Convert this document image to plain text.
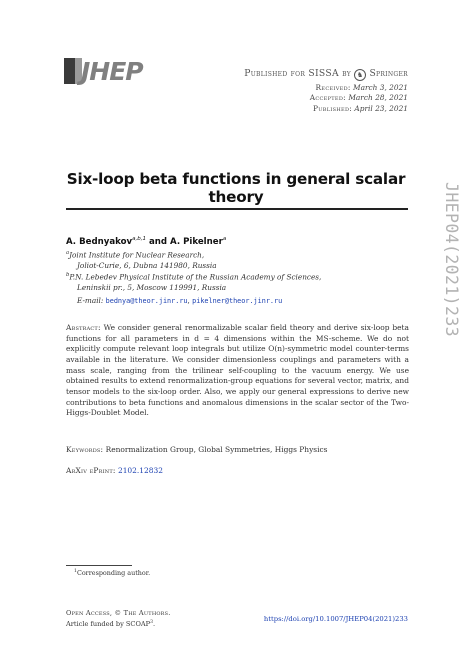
JHEP	Published for SISSA by ♞ Springer
Received: March 3, 2021
Accepted: March 28, 2021
Published: April 23, 2021
Six-loop beta functions in general scalar theory
A. Bednyakov$^{a,b,1}$ and A. Pikelner$^a$
$^a$Joint Institute for Nuclear Research,
Joliot-Curie, 6, Dubna 141980, Russia
$^b$P.N. Lebedev Physical Institute of the Russian Academy of Sciences,
Leninskii pr., 5, Moscow 119991, Russia
E-mail: bednya@theor.jinr.ru, pikelner@theor.jinr.ru
Abstract: We consider general renormalizable scalar field theory and derive six-loop beta functions for all parameters in d = 4 dimensions within the MS-scheme. We do not explicitly compute relevant loop integrals but utilize O(n)-symmetric model counter-terms available in the literature. We consider dimensionless couplings and parameters with a mass scale, ranging from the trilinear self-coupling to the vacuum energy. We use obtained results to extend renormalization-group equations for several vector, matrix, and tensor models to the six-loop order. Also, we apply our general expressions to derive new contributions to beta functions and anomalous dimensions in the scalar sector of the Two-Higgs-Doublet Model.
Keywords: Renormalization Group, Global Symmetries, Higgs Physics
ArXiv ePrint: 2102.12832
$^1$Corresponding author.
Open Access, © The Authors.
Article funded by SCOAP$^3$.
https://doi.org/10.1007/JHEP04(2021)233
JHEP04(2021)233
